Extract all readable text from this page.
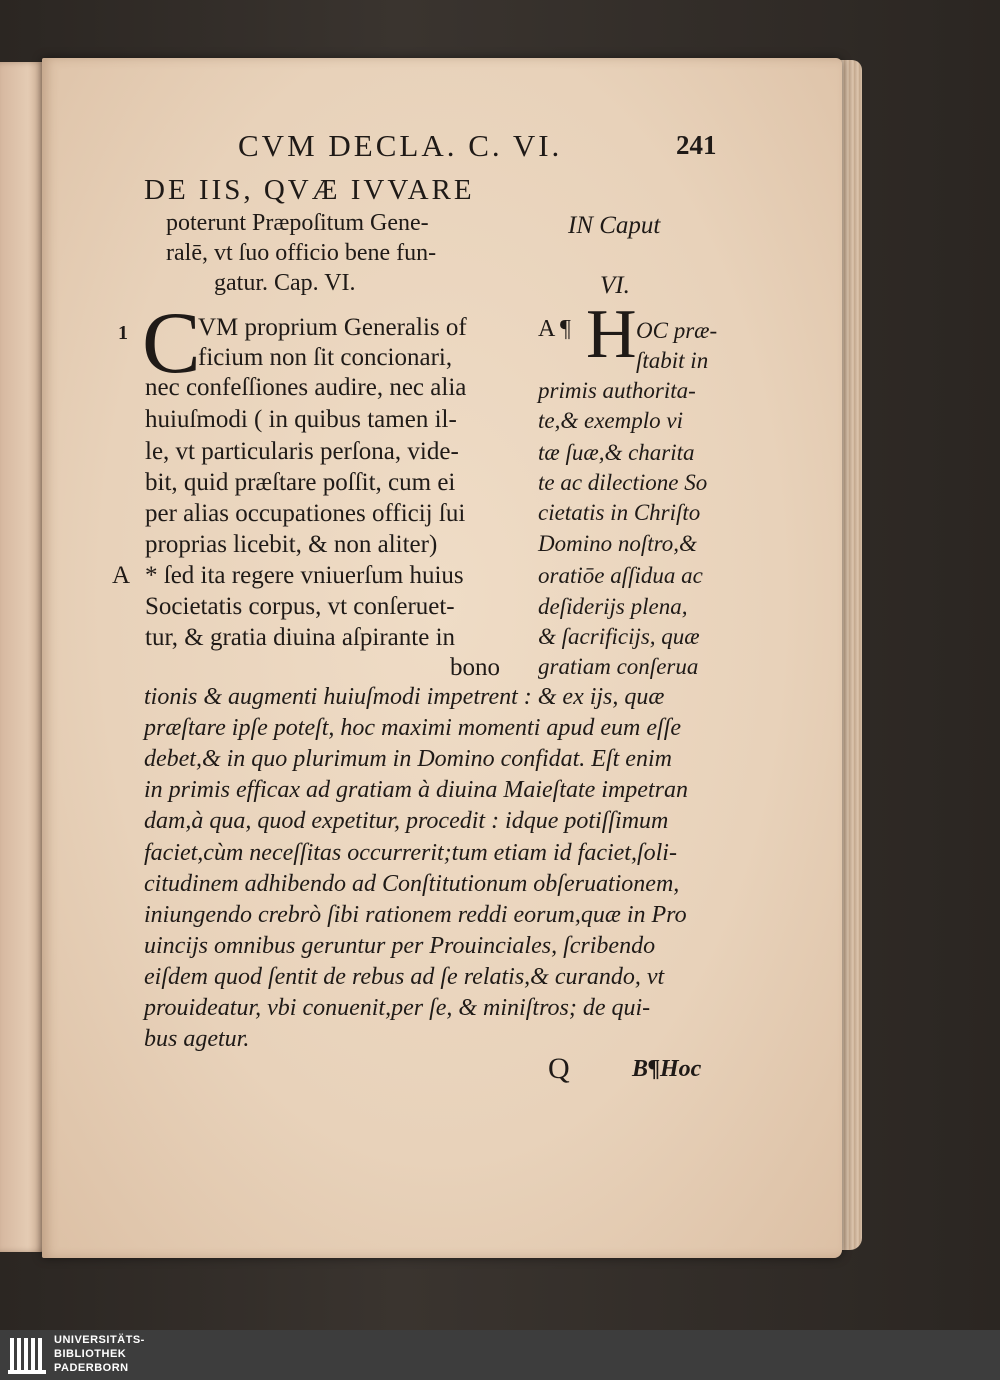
CVM DECLA. C. VI.	241
DE IIS, QVÆ IVVARE
poterunt Præpoſitum Gene-
ralē, vt ſuo officio bene fun-
gatur. Cap. VI.
IN Caput
VI.
1 C
VM proprium Generalis of
ficium non ſit concionari,
nec confeſſiones audire, nec alia
huiuſmodi ( in quibus tamen il-
le, vt particularis perſona, vide-
bit, quid præſtare poſſit, cum ei
per alias occupationes officij ſui
proprias licebit, & non aliter)
A * ſed ita regere vniuerſum huius
Societatis corpus, vt conſeruet-
tur, & gratia diuina aſpirante in
bono
A ¶ H OC præ-
ſtabit in
primis authorita-
te,& exemplo vi
tæ ſuæ,& charita
te ac dilectione So
cietatis in Chriſto
Domino noſtro,&
oratiōe aſſidua ac
deſiderijs plena,
& ſacrificijs, quæ
gratiam conſerua
tionis & augmenti huiuſmodi impetrent : & ex ijs, quæ
præſtare ipſe poteſt, hoc maximi momenti apud eum eſſe
debet,& in quo plurimum in Domino confidat. Eſt enim
in primis efficax ad gratiam à diuina Maieſtate impetran
dam,à qua, quod expetitur, procedit : idque potiſſimum
faciet,cùm neceſſitas occurrerit;tum etiam id faciet,ſoli-
citudinem adhibendo ad Conſtitutionum obſeruationem,
iniungendo crebrò ſibi rationem reddi eorum,quæ in Pro
uincijs omnibus geruntur per Prouinciales, ſcribendo
eiſdem quod ſentit de rebus ad ſe relatis,& curando, vt
prouideatur, vbi conuenit,per ſe, & miniſtros; de qui-
bus agetur.
Q	B¶Hoc
UNIVERSITÄTS-
BIBLIOTHEK
PADERBORN
